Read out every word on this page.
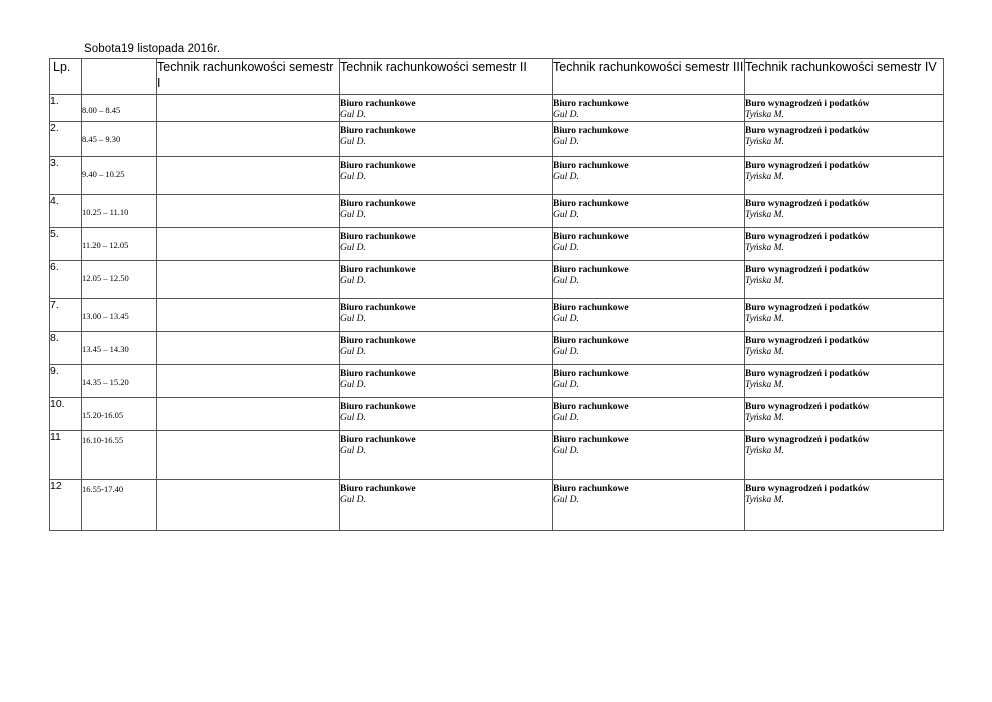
Sobota19 listopada 2016r.
Lp.		Technik rachunkowości semestr I	Technik rachunkowości semestr II	Technik rachunkowości semestr III	Technik rachunkowości semestr IV
1.	8.00 – 8.45		Biuro rachunkowe
Gul D.	Biuro rachunkowe
Gul D.	Buro wynagrodzeń i podatków
Tyńska M.

2.	8.45 – 9.30		Biuro rachunkowe
Gul D.	Biuro rachunkowe
Gul D.	Buro wynagrodzeń i podatków
Tyńska M.

3.	9.40 – 10.25		Biuro rachunkowe
Gul D.	Biuro rachunkowe
Gul D.	Buro wynagrodzeń i podatków
Tyńska M.

4.	10.25 – 11.10		Biuro rachunkowe
Gul D.	Biuro rachunkowe
Gul D.	Buro wynagrodzeń i podatków
Tyńska M.

5.	11.20 – 12.05		Biuro rachunkowe
Gul D.	Biuro rachunkowe
Gul D.	Buro wynagrodzeń i podatków
Tyńska M.

6.	12.05 – 12.50		Biuro rachunkowe
Gul D.	Biuro rachunkowe
Gul D.	Buro wynagrodzeń i podatków
Tyńska M.

7.	13.00 – 13.45		Biuro rachunkowe
Gul D.	Biuro rachunkowe
Gul D.	Buro wynagrodzeń i podatków
Tyńska M.

8.	13.45 – 14.30		Biuro rachunkowe
Gul D.	Biuro rachunkowe
Gul D.	Buro wynagrodzeń i podatków
Tyńska M.

9.	14.35 – 15.20		Biuro rachunkowe
Gul D.	Biuro rachunkowe
Gul D.	Buro wynagrodzeń i podatków
Tyńska M.

10.	15.20-16.05		Biuro rachunkowe
Gul D.	Biuro rachunkowe
Gul D.	Buro wynagrodzeń i podatków
Tyńska M.

11	16.10-16.55		Biuro rachunkowe
Gul D.	Biuro rachunkowe
Gul D.	Buro wynagrodzeń i podatków
Tyńska M.

12	16.55-17.40		Biuro rachunkowe
Gul D.	Biuro rachunkowe
Gul D.	Buro wynagrodzeń i podatków
Tyńska M.
